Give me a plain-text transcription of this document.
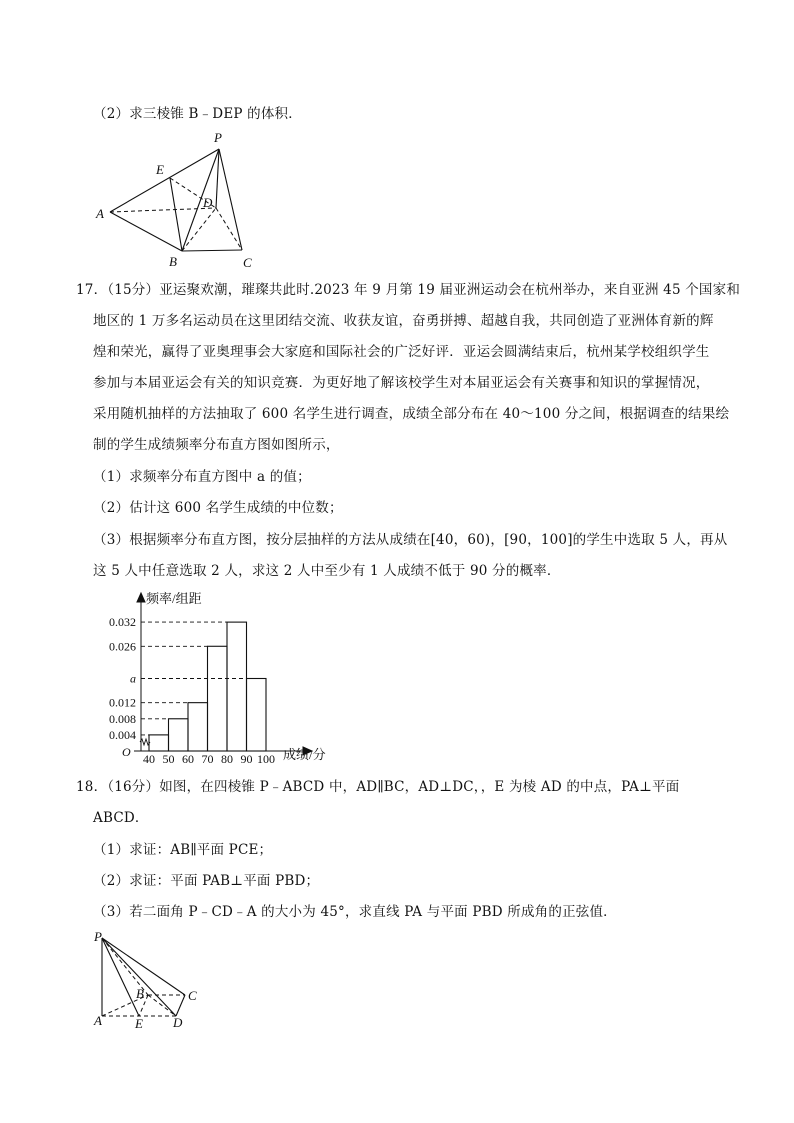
（2）求三棱锥 B﹣DEP 的体积．
P
E
D
A
B	C
17．（15分）亚运聚欢潮，璀璨共此时.2023 年 9 月第 19 届亚洲运动会在杭州举办，来自亚洲 45 个国家和
地区的 1 万多名运动员在这里团结交流、收获友谊，奋勇拼搏、超越自我，共同创造了亚洲体育新的辉
煌和荣光，赢得了亚奥理事会大家庭和国际社会的广泛好评．亚运会圆满结束后，杭州某学校组织学生
参加与本届亚运会有关的知识竞赛．为更好地了解该校学生对本届亚运会有关赛事和知识的掌握情况，
采用随机抽样的方法抽取了 600 名学生进行调查，成绩全部分布在 40～100 分之间，根据调查的结果绘
制的学生成绩频率分布直方图如图所示，
（1）求频率分布直方图中 a 的值；
（2）估计这 600 名学生成绩的中位数；
（3）根据频率分布直方图，按分层抽样的方法从成绩在[40，60)，[90，100]的学生中选取 5 人，再从
这 5 人中任意选取 2 人，求这 2 人中至少有 1 人成绩不低于 90 分的概率．
频率/组距
成绩/分
O
0.004
0.008
0.012
a
0.026
0.032
40 50 60 70 80 90 100
18．（16分）如图，在四棱锥 P﹣ABCD 中，AD∥BC，AD⊥DC，，E 为棱 AD 的中点，PA⊥平面
ABCD．
（1）求证：AB∥平面 PCE；
（2）求证：平面 PAB⊥平面 PBD；
（3）若二面角 P﹣CD﹣A 的大小为 45°，求直线 PA 与平面 PBD 所成角的正弦值．
P
B	C
A	E D
